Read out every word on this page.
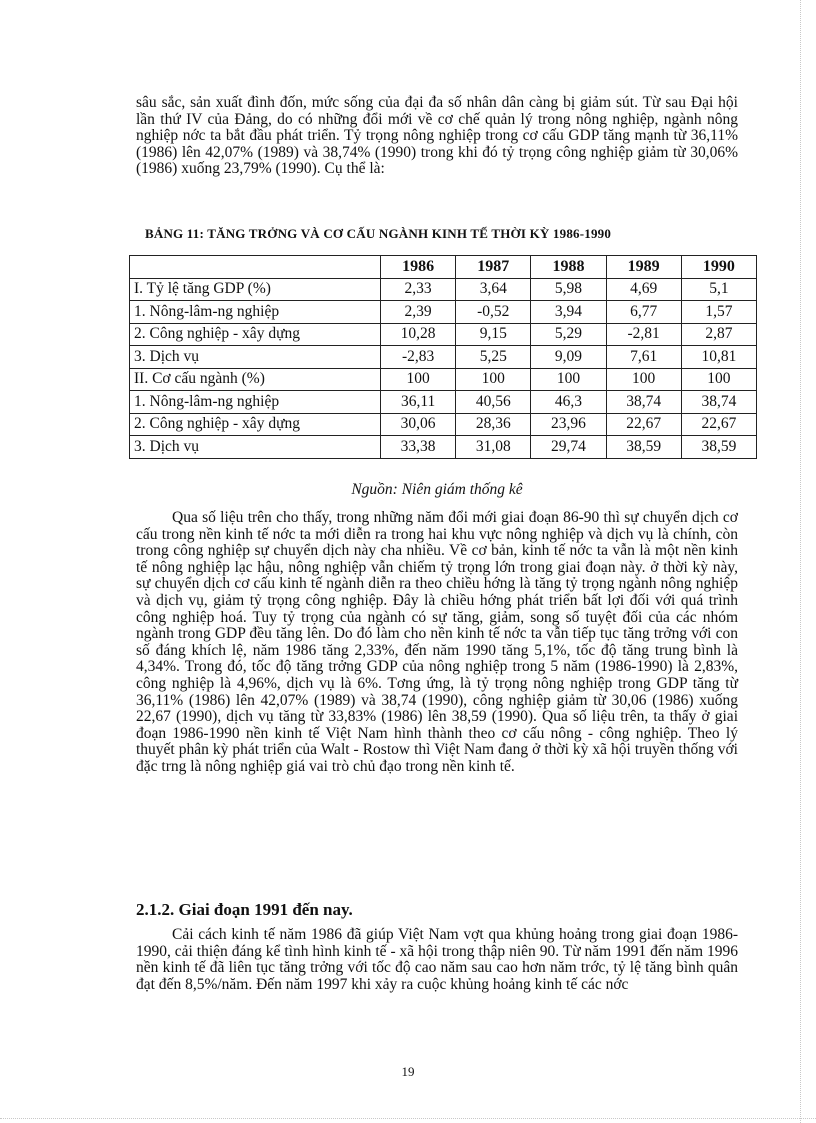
sâu sắc, sản xuất đình đốn, mức sống của đại đa số nhân dân càng bị giảm sút. Từ sau Đại hội lần thứ IV của Đảng, do có những đổi mới về cơ chế quản lý trong nông nghiệp, ngành nông nghiệp nớc ta bắt đầu phát triển. Tỷ trọng nông nghiệp trong cơ cấu GDP tăng mạnh từ 36,11% (1986) lên 42,07% (1989) và 38,74% (1990) trong khi đó tỷ trọng công nghiệp giảm từ 30,06% (1986) xuống 23,79% (1990). Cụ thể là:

BẢNG 11: TĂNG TRỞNG VÀ CƠ CẤU NGÀNH KINH TẾ THỜI KỲ 1986-1990
	1986	1987	1988	1989	1990
I. Tỷ lệ tăng GDP (%)	2,33	3,64	5,98	4,69	5,1
1. Nông-lâm-ng nghiệp	2,39	-0,52	3,94	6,77	1,57
2. Công nghiệp - xây dựng	10,28	9,15	5,29	-2,81	2,87
3. Dịch vụ	-2,83	5,25	9,09	7,61	10,81
II. Cơ cấu ngành (%)	100	100	100	100	100
1. Nông-lâm-ng nghiệp	36,11	40,56	46,3	38,74	38,74
2. Công nghiệp - xây dựng	30,06	28,36	23,96	22,67	22,67
3. Dịch vụ	33,38	31,08	29,74	38,59	38,59
Nguồn: Niên giám thống kê

Qua số liệu trên cho thấy, trong những năm đổi mới giai đoạn 86-90 thì sự chuyển dịch cơ cấu trong nền kinh tế nớc ta mới diễn ra trong hai khu vực nông nghiệp và dịch vụ là chính, còn trong công nghiệp sự chuyển dịch này cha nhiều. Về cơ bản, kinh tế nớc ta vẫn là một nền kinh tế nông nghiệp lạc hậu, nông nghiệp vẫn chiếm tỷ trọng lớn trong giai đoạn này. ở thời kỳ này, sự chuyển dịch cơ cấu kinh tế ngành diễn ra theo chiều hớng là tăng tỷ trọng ngành nông nghiệp và dịch vụ, giảm tỷ trọng công nghiệp. Đây là chiều hớng phát triển bất lợi đối với quá trình công nghiệp hoá. Tuy tỷ trọng của ngành có sự tăng, giảm, song số tuyệt đối của các nhóm ngành trong GDP đều tăng lên. Do đó làm cho nền kinh tế nớc ta vẫn tiếp tục tăng trởng với con số đáng khích lệ, năm 1986 tăng 2,33%, đến năm 1990 tăng 5,1%, tốc độ tăng trung bình là 4,34%. Trong đó, tốc độ tăng trởng GDP của nông nghiệp trong 5 năm (1986-1990) là 2,83%, công nghiệp là 4,96%, dịch vụ là 6%. Tơng ứng, là tỷ trọng nông nghiệp trong GDP tăng từ 36,11% (1986) lên 42,07% (1989) và 38,74 (1990), công nghiệp giảm từ 30,06 (1986) xuống 22,67 (1990), dịch vụ tăng từ 33,83% (1986) lên 38,59 (1990). Qua số liệu trên, ta thấy ở giai đoạn 1986-1990 nền kinh tế Việt Nam hình thành theo cơ cấu nông - công nghiệp. Theo lý thuyết phân kỳ phát triển của Walt - Rostow thì Việt Nam đang ở thời kỳ xã hội truyền thống với đặc trng là nông nghiệp giá vai trò chủ đạo trong nền kinh tế.

2.1.2. Giai đoạn 1991 đến nay.

Cải cách kinh tế năm 1986 đã giúp Việt Nam vợt qua khủng hoảng trong giai đoạn 1986-1990, cải thiện đáng kể tình hình kinh tế - xã hội trong thập niên 90. Từ năm 1991 đến năm 1996 nền kinh tế đã liên tục tăng trởng với tốc độ cao năm sau cao hơn năm trớc, tỷ lệ tăng bình quân đạt đến 8,5%/năm. Đến năm 1997 khi xảy ra cuộc khủng hoảng kinh tế các nớc

19
